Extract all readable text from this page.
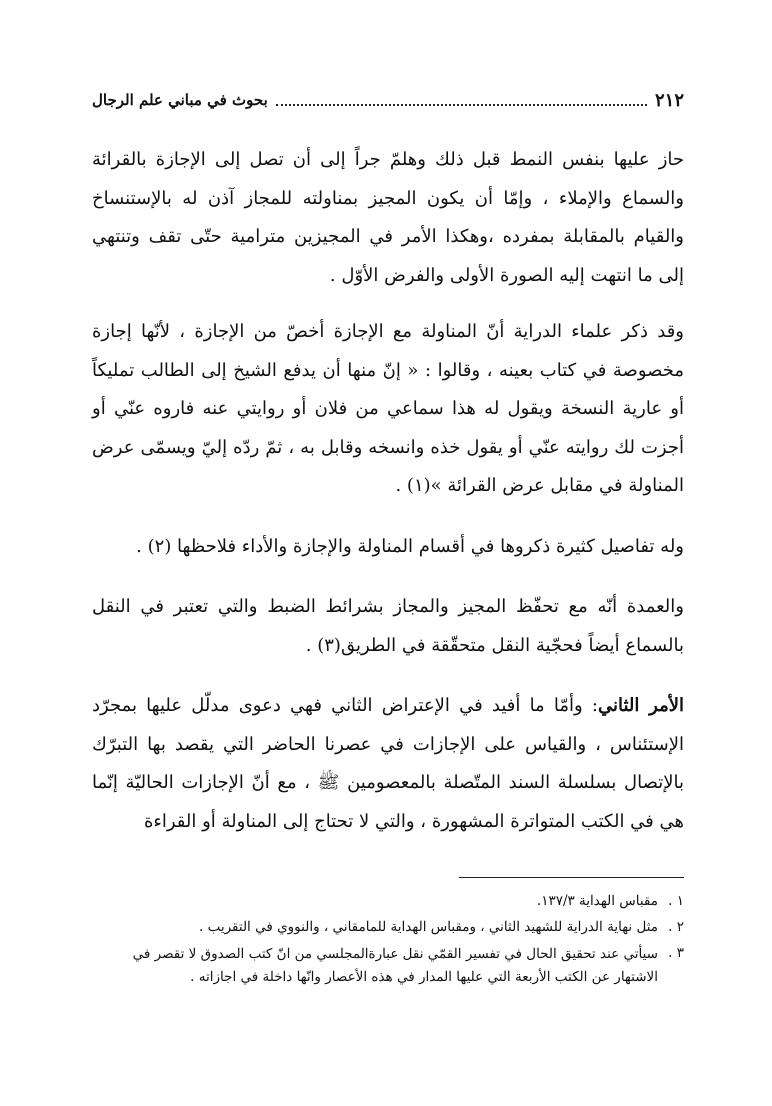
٢١٢
بحوث في مباني علم الرجال

حاز عليها بنفس النمط قبل ذلك وهلمّ جراً إلى أن تصل إلى الإجازة بالقرائة والسماع والإملاء ، وإمّا أن يكون المجيز بمناولته للمجاز آذن له بالإستنساخ والقيام بالمقابلة بمفرده ،وهكذا الأمر في المجيزين مترامية حتّى تقف وتنتهي إلى ما انتهت إليه الصورة الأولى والفرض الأوّل .

وقد ذكر علماء الدراية أنّ المناولة مع الإجازة أخصّ من الإجازة ، لأنّها إجازة مخصوصة في كتاب بعينه ، وقالوا : « إنّ منها أن يدفع الشيخ إلى الطالب تمليكاً أو عارية النسخة ويقول له هذا سماعي من فلان أو روايتي عنه فاروه عنّي أو أجزت لك روايته عنّي أو يقول خذه وانسخه وقابل به ، ثمّ ردّه إليّ ويسمّى عرض المناولة في مقابل عرض القرائة »(١) .

وله تفاصيل كثيرة ذكروها في أقسام المناولة والإجازة والأداء فلاحظها (٢) .

والعمدة أنّه مع تحفّظ المجيز والمجاز بشرائط الضبط والتي تعتبر في النقل بالسماع أيضاً فحجّية النقل متحقّقة في الطريق(٣) .

الأمر الثاني: وأمّا ما أفيد في الإعتراض الثاني فهي دعوى مدلّل عليها بمجرّد الإستئناس ، والقياس على الإجازات في عصرنا الحاضر التي يقصد بها التبرّك بالإتصال بسلسلة السند المتّصلة بالمعصومين ﷺ ، مع أنّ الإجازات الحاليّة إنّما هي في الكتب المتواترة المشهورة ، والتي لا تحتاج إلى المناولة أو القراءة

١ .
مقباس الهداية ١٣٧/٣.
٢ .
مثل نهاية الدراية للشهيد الثاني ، ومقباس الهداية للمامقاني ، والنووي في التقريب .
٣ .
سيأتي عند تحقيق الحال في تفسير القمّي نقل عبارةالمجلسي من انّ كتب الصدوق لا تقصر في الاشتهار عن الكتب الأربعة التي عليها المدار في هذه الأعصار وانّها داخلة في اجازاته .
